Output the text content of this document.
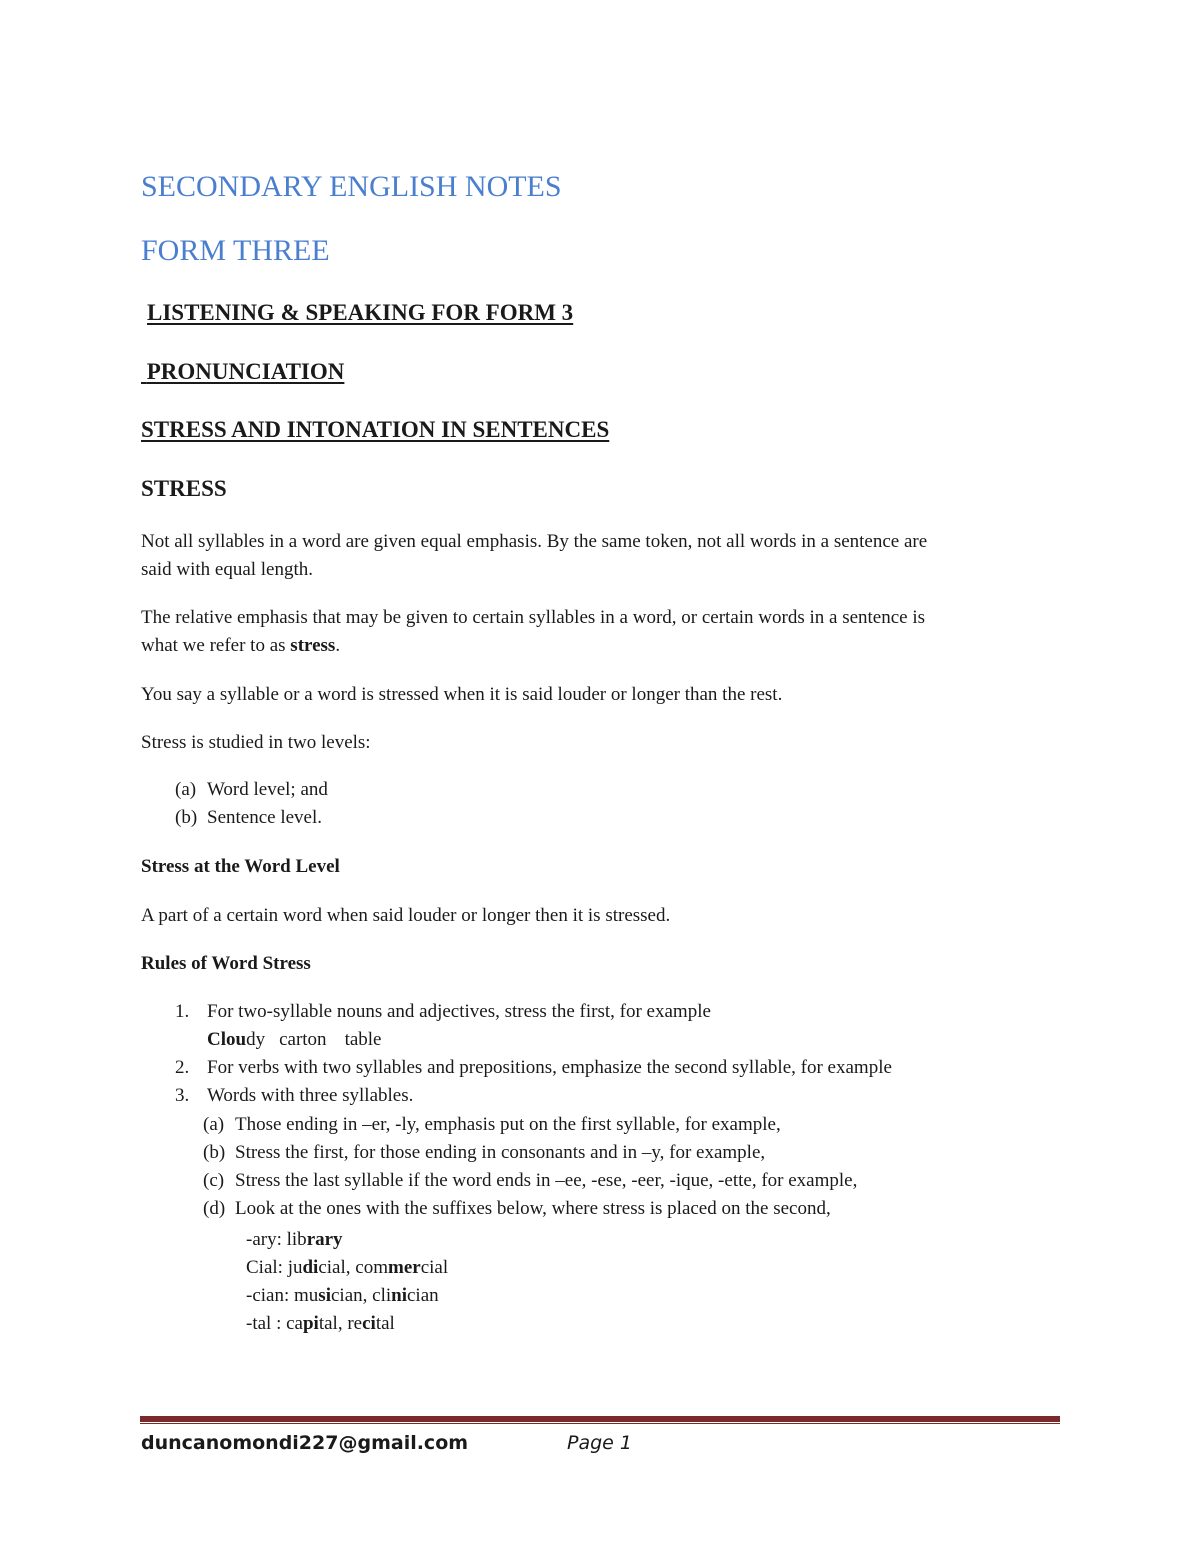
SECONDARY ENGLISH NOTES
FORM THREE
LISTENING & SPEAKING FOR FORM 3
PRONUNCIATION
STRESS AND INTONATION IN SENTENCES
STRESS
Not all syllables in a word are given equal emphasis. By the same token, not all words in a sentence are
said with equal length.
The relative emphasis that may be given to certain syllables in a word, or certain words in a sentence is
what we refer to as stress.
You say a syllable or a word is stressed when it is said louder or longer than the rest.
Stress is studied in two levels:
(a) Word level; and
(b) Sentence level.
Stress at the Word Level
A part of a certain word when said louder or longer then it is stressed.
Rules of Word Stress
1. For two-syllable nouns and adjectives, stress the first, for example
Cloudy carton table
2. For verbs with two syllables and prepositions, emphasize the second syllable, for example
3. Words with three syllables.
(a) Those ending in –er, -ly, emphasis put on the first syllable, for example,
(b) Stress the first, for those ending in consonants and in –y, for example,
(c) Stress the last syllable if the word ends in –ee, -ese, -eer, -ique, -ette, for example,
(d) Look at the ones with the suffixes below, where stress is placed on the second,
-ary: library
Cial: judicial, commercial
-cian: musician, clinician
-tal : capital, recital
duncanomondi227@gmail.com	Page 1
